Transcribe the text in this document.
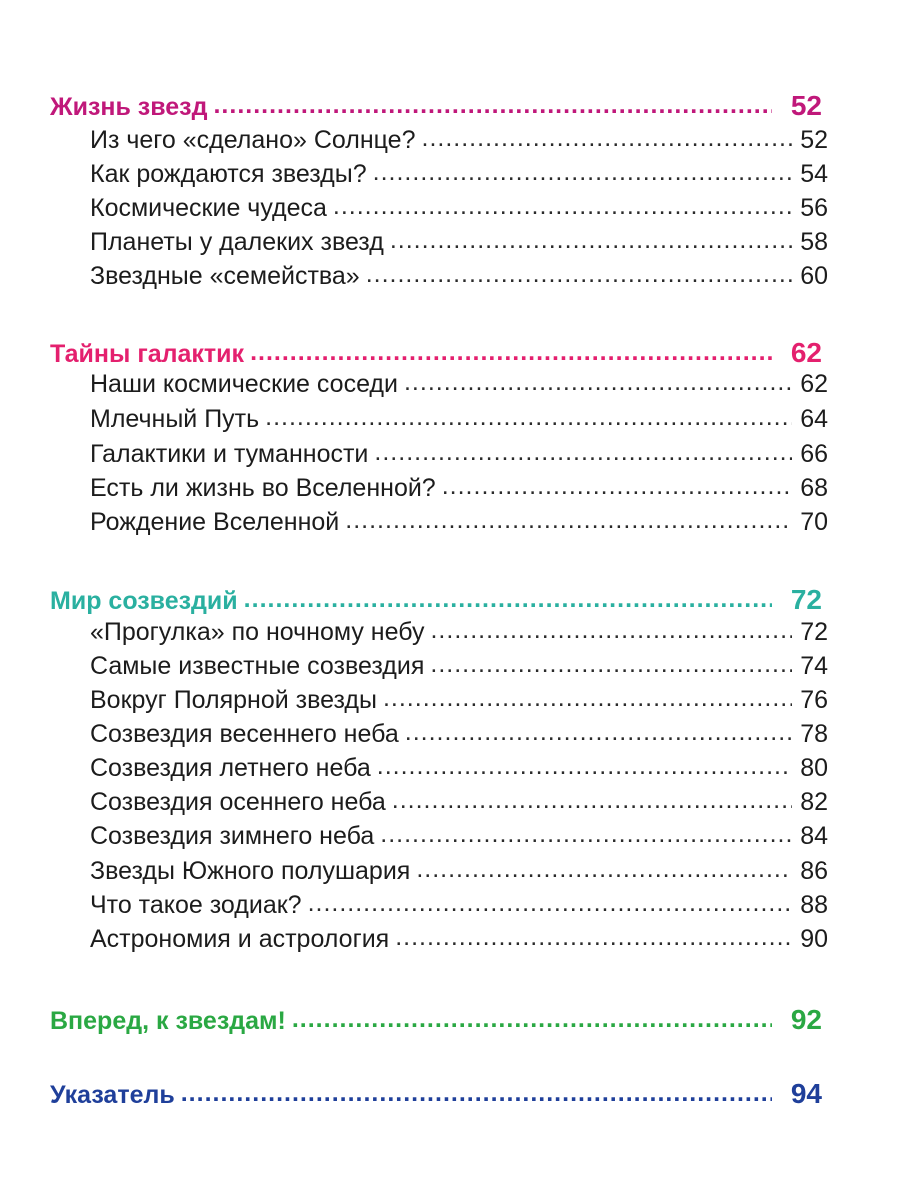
Жизнь звезд .....	52
Из чего «сделано» Солнце? .....	52
Как рождаются звезды? .....	54
Космические чудеса .....	56
Планеты у далеких звезд .....	58
Звездные «семейства» .....	60
Тайны галактик .....	62
Наши космические соседи .....	62
Млечный Путь .....	64
Галактики и туманности .....	66
Есть ли жизнь во Вселенной? .....	68
Рождение Вселенной .....	70
Мир созвездий .....	72
«Прогулка» по ночному небу .....	72
Самые известные созвездия .....	74
Вокруг Полярной звезды .....	76
Созвездия весеннего неба .....	78
Созвездия летнего неба .....	80
Созвездия осеннего неба .....	82
Созвездия зимнего неба .....	84
Звезды Южного полушария .....	86
Что такое зодиак? .....	88
Астрономия и астрология .....	90
Вперед, к звездам! .....	92
Указатель .....	94
